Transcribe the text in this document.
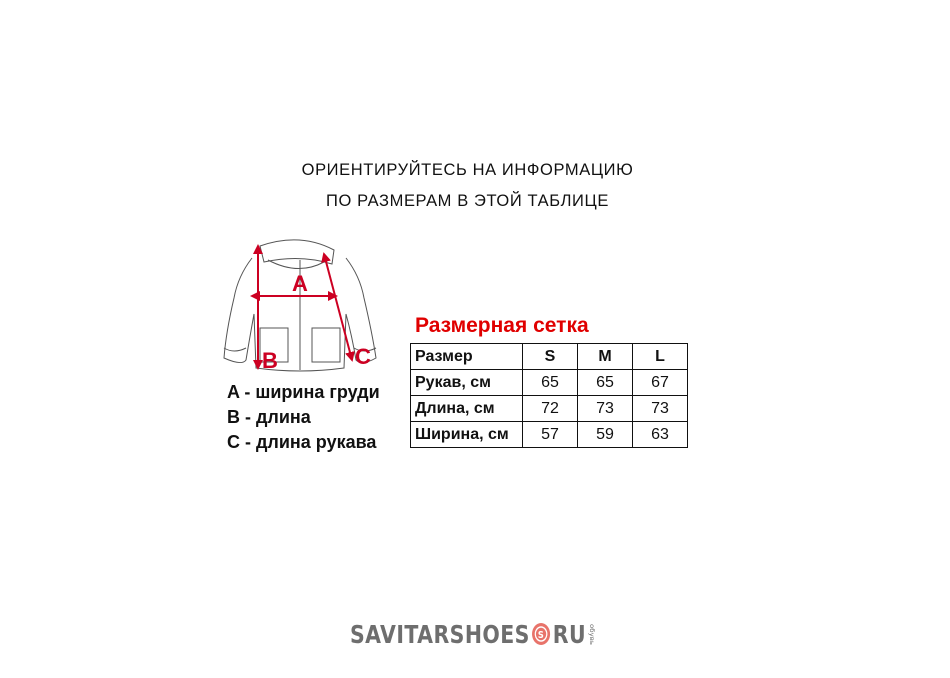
ОРИЕНТИРУЙТЕСЬ НА ИНФОРМАЦИЮ
ПО РАЗМЕРАМ В ЭТОЙ ТАБЛИЦЕ
A
B	C
A - ширина груди
B - длина
C - длина рукава
Размерная сетка
Размер	S	M	L
Рукав, см	65	65	67
Длина, см	72	73	73
Ширина, см	57	59	63
SAVITARSHOES S RU обувь
